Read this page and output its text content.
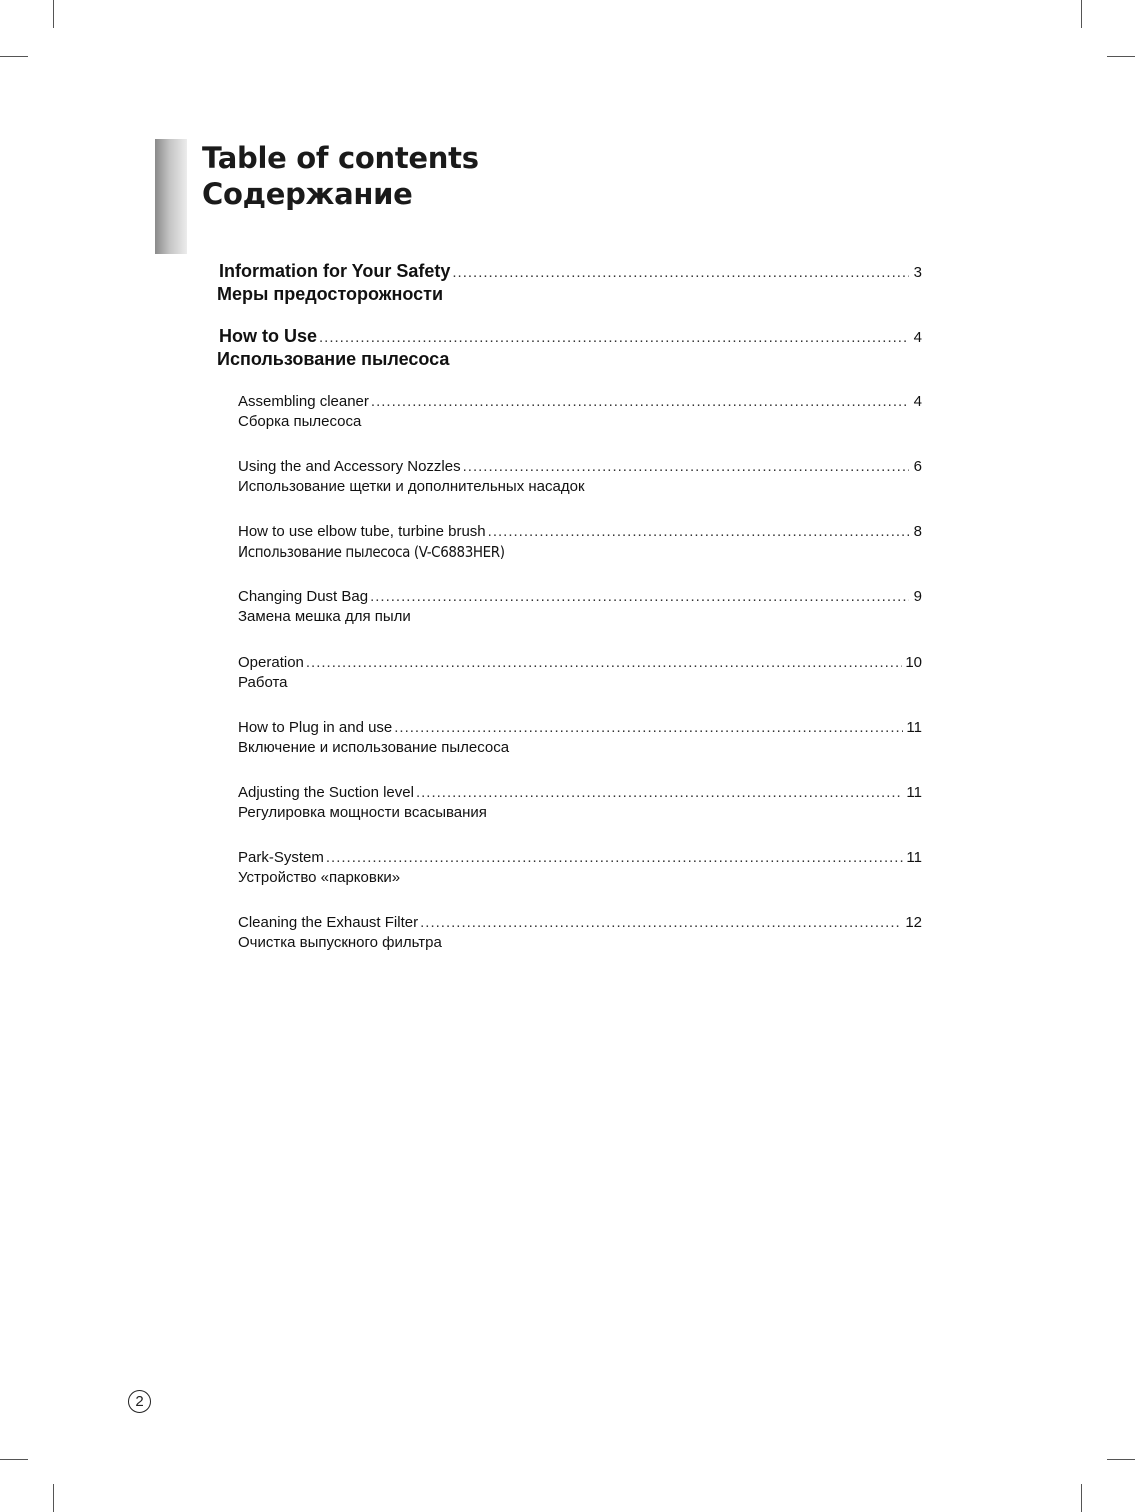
Table of contents
Содержание
Information for Your Safety .....	3
Меры предосторожности
How to Use .....	4
Использование пылесоса
Assembling cleaner .....	4
Сборка пылесоса
Using the and Accessory Nozzles .....	6
Использование щетки и дополнительных насадок
How to use elbow tube, turbine brush .....	8
Использование пылесоса (V-C6883HER)
Changing Dust Bag .....	9
Замена мешка для пыли
Operation .....	10
Работа
How to Plug in and use .....	11
Включение и использование пылесоса
Adjusting the Suction level .....	11
Регулировка мощности всасывания
Park-System .....	11
Устройство «парковки»
Cleaning the Exhaust Filter .....	12
Очистка выпускного фильтра
2
